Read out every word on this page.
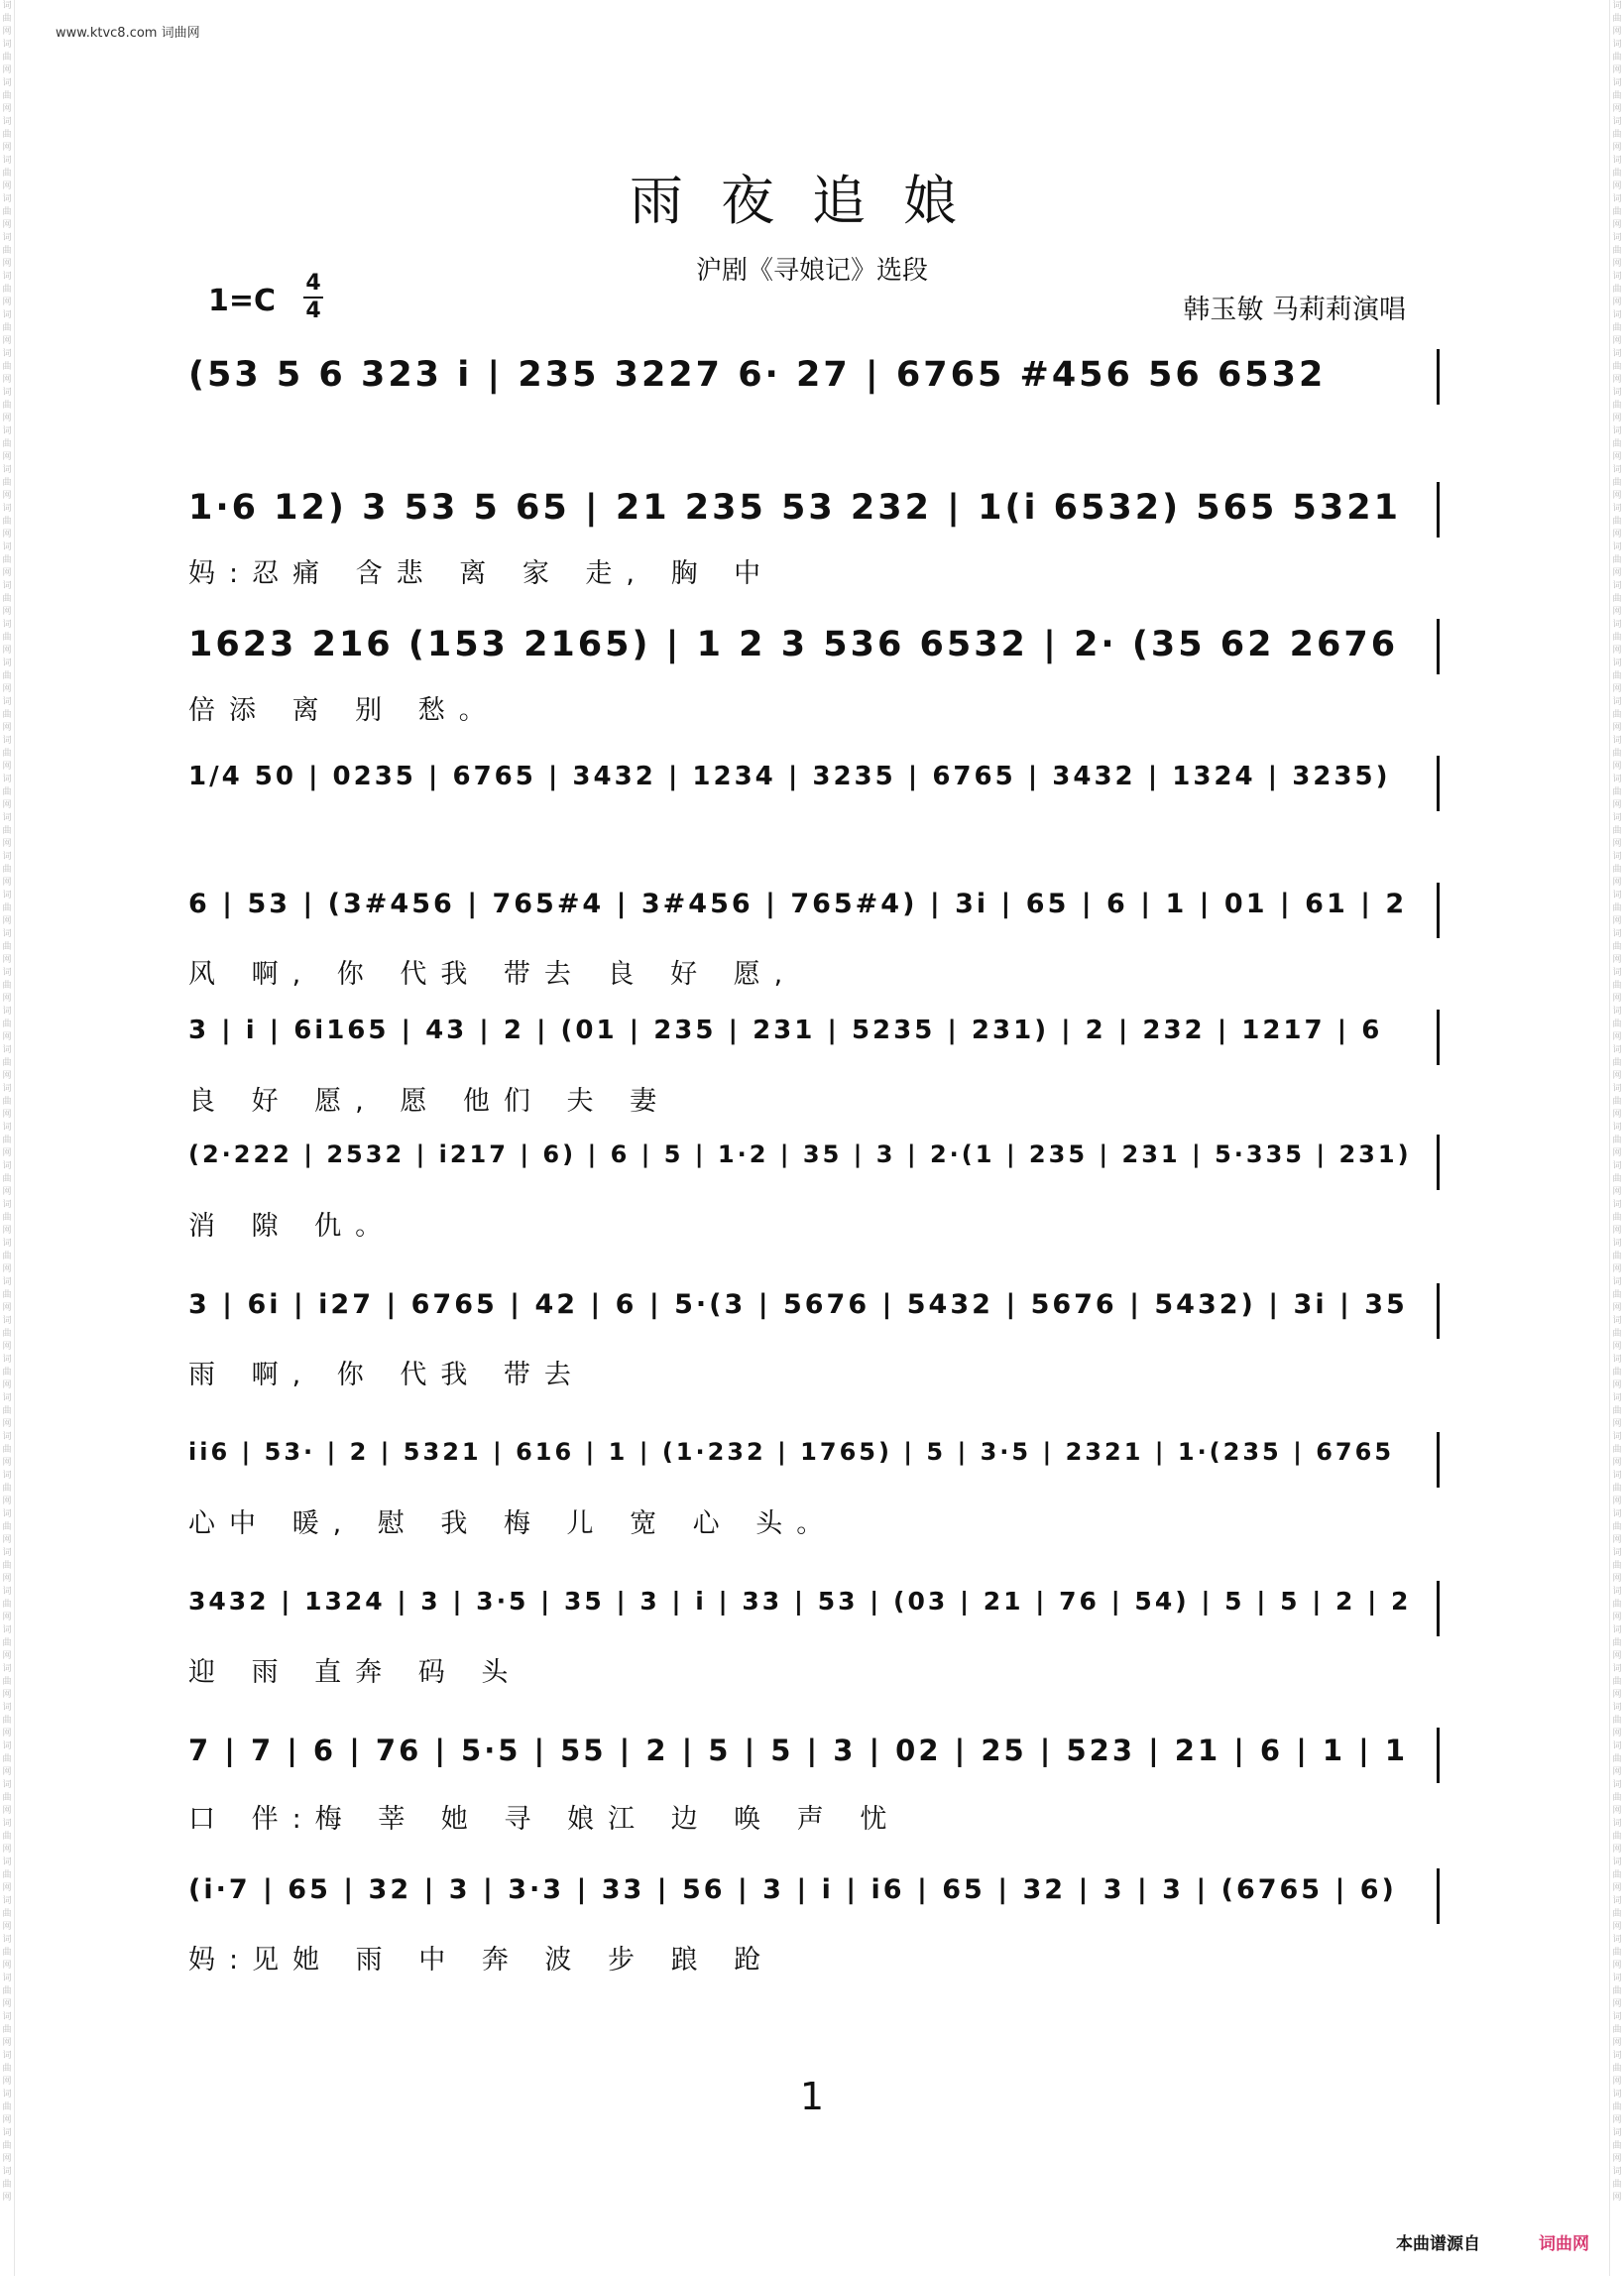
词曲网
词曲网
词曲网
词曲网
词曲网
词曲网
词曲网
词曲网
词曲网
词曲网
词曲网
词曲网
词曲网
词曲网
词曲网
词曲网
词曲网
词曲网
词曲网
词曲网
词曲网
词曲网
词曲网
词曲网
词曲网
词曲网
词曲网
词曲网
词曲网
词曲网
词曲网
词曲网
词曲网
词曲网
词曲网
词曲网
词曲网
词曲网
词曲网
词曲网
词曲网
词曲网
词曲网
词曲网
词曲网
词曲网
词曲网
词曲网
词曲网
词曲网
词曲网
词曲网
词曲网
词曲网
词曲网
词曲网
词曲网
词曲网
词曲网
词曲网
词曲网
词曲网
词曲网
词曲网
词曲网
词曲网
词曲网
词曲网
词曲网
词曲网
词曲网
词曲网
词曲网
词曲网
词曲网
词曲网
词曲网
词曲网
词曲网
词曲网
词曲网
词曲网
词曲网
词曲网
词曲网
词曲网
词曲网
词曲网
词曲网
词曲网
词曲网
词曲网
词曲网
词曲网
词曲网
词曲网
词曲网
词曲网
词曲网
词曲网
词曲网
词曲网
词曲网
词曲网
词曲网
词曲网
词曲网
词曲网
词曲网
词曲网
词曲网
词曲网
词曲网
词曲网
www.ktvc8.com 词曲网
雨夜追娘
沪剧《寻娘记》选段
1=C
4
4	韩玉敏 马莉莉演唱
(53 5 6 323 i | 235 3227 6· 27 | 6765 #456 56 6532
1·6 12) 3 53 5 65 | 21 235 53 232 | 1(i 6532) 565 5321
妈:忍痛 含悲 离 家 走, 胸 中
1623 216 (153 2165) | 1 2 3 536 6532 | 2· (35 62 2676
倍添 离 别 愁。
1/4 50 | 0235 | 6765 | 3432 | 1234 | 3235 | 6765 | 3432 | 1324 | 3235)
6 | 53 | (3#456 | 765#4 | 3#456 | 765#4) | 3i | 65 | 6 | 1 | 01 | 61 | 2
风 啊, 你 代我 带去 良 好 愿,
3 | i | 6i165 | 43 | 2 | (01 | 235 | 231 | 5235 | 231) | 2 | 232 | 1217 | 6
良 好 愿, 愿 他们 夫 妻
(2·222 | 2532 | i217 | 6) | 6 | 5 | 1·2 | 35 | 3 | 2·(1 | 235 | 231 | 5·335 | 231)
消 隙 仇。
3 | 6i | i27 | 6765 | 42 | 6 | 5·(3 | 5676 | 5432 | 5676 | 5432) | 3i | 35
雨 啊, 你 代我 带去
ii6 | 53· | 2 | 5321 | 616 | 1 | (1·232 | 1765) | 5 | 3·5 | 2321 | 1·(235 | 6765
心中 暖, 慰 我 梅 儿 宽 心 头。
3432 | 1324 | 3 | 3·5 | 35 | 3 | i | 33 | 53 | (03 | 21 | 76 | 54) | 5 | 5 | 2 | 2
迎 雨 直奔 码 头
7 | 7 | 6 | 76 | 5·5 | 55 | 2 | 5 | 5 | 3 | 02 | 25 | 523 | 21 | 6 | 1 | 1
口 伴:梅 莘 她 寻 娘江 边 唤 声 忧
(i·7 | 65 | 32 | 3 | 3·3 | 33 | 56 | 3 | i | i6 | 65 | 32 | 3 | 3 | (6765 | 6)
妈:见她 雨 中 奔 波 步 踉 跄
1
本曲谱源自	词曲网
